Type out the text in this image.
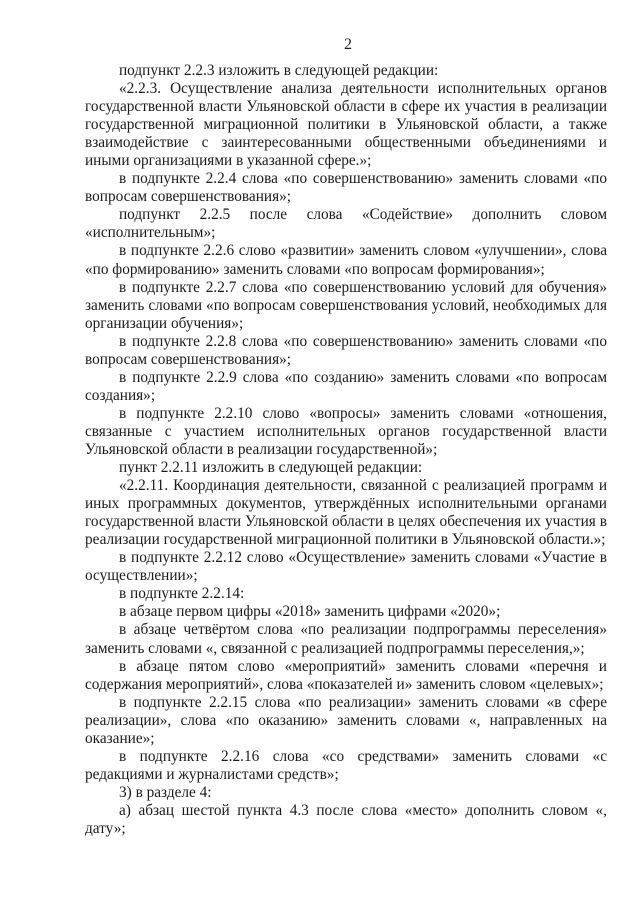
2

подпункт 2.2.3 изложить в следующей редакции:

«2.2.3. Осуществление анализа деятельности исполнительных органов государственной власти Ульяновской области в сфере их участия в реализации государственной миграционной политики в Ульяновской области, а также взаимодействие с заинтересованными общественными объединениями и иными организациями в указанной сфере.»;

в подпункте 2.2.4 слова «по совершенствованию» заменить словами «по вопросам совершенствования»;

подпункт 2.2.5 после слова «Содействие» дополнить словом «исполнительным»;

в подпункте 2.2.6 слово «развитии» заменить словом «улучшении», слова «по формированию» заменить словами «по вопросам формирования»;

в подпункте 2.2.7 слова «по совершенствованию условий для обучения» заменить словами «по вопросам совершенствования условий, необходимых для организации обучения»;

в подпункте 2.2.8 слова «по совершенствованию» заменить словами «по вопросам совершенствования»;

в подпункте 2.2.9 слова «по созданию» заменить словами «по вопросам создания»;

в подпункте 2.2.10 слово «вопросы» заменить словами «отношения, связанные с участием исполнительных органов государственной власти Ульяновской области в реализации государственной»;

пункт 2.2.11 изложить в следующей редакции:

«2.2.11. Координация деятельности, связанной с реализацией программ и иных программных документов, утверждённых исполнительными органами государственной власти Ульяновской области в целях обеспечения их участия в реализации государственной миграционной политики в Ульяновской области.»;

в подпункте 2.2.12 слово «Осуществление» заменить словами «Участие в осуществлении»;

в подпункте 2.2.14:

в абзаце первом цифры «2018» заменить цифрами «2020»;

в абзаце четвёртом слова «по реализации подпрограммы переселения» заменить словами «, связанной с реализацией подпрограммы переселения,»;

в абзаце пятом слово «мероприятий» заменить словами «перечня и содержания мероприятий», слова «показателей и» заменить словом «целевых»;

в подпункте 2.2.15 слова «по реализации» заменить словами «в сфере реализации», слова «по оказанию» заменить словами «, направленных на оказание»;

в подпункте 2.2.16 слова «со средствами» заменить словами «с редакциями и журналистами средств»;

3) в разделе 4:

а) абзац шестой пункта 4.3 после слова «место» дополнить словом «, дату»;
